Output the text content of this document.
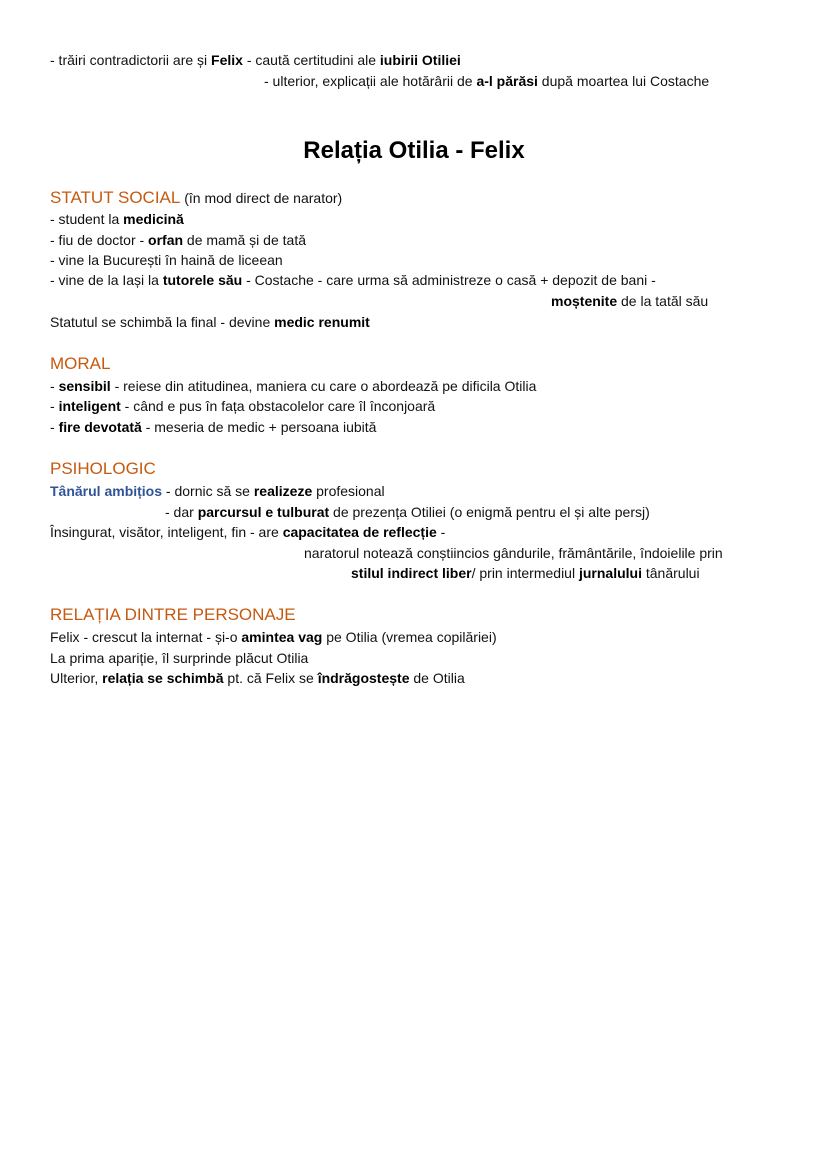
- trăiri contradictorii are și Felix - caută certitudini ale iubirii Otiliei
- ulterior, explicații ale hotărârii de a-l părăsi după moartea lui Costache
Relația Otilia - Felix
STATUT SOCIAL (în mod direct de narator)
- student la medicină
- fiu de doctor - orfan de mamă și de tată
- vine la București în haină de liceean
- vine de la Iași la tutorele său - Costache - care urma să administreze o casă + depozit de bani -
moștenite de la tatăl său
Statutul se schimbă la final - devine medic renumit
MORAL
- sensibil - reiese din atitudinea, maniera cu care o abordează pe dificila Otilia
- inteligent - când e pus în fața obstacolelor care îl înconjoară
- fire devotată - meseria de medic + persoana iubită
PSIHOLOGIC
Tânărul ambițios - dornic să se realizeze profesional
- dar parcursul e tulburat de prezența Otiliei (o enigmă pentru el și alte persj)
Însingurat, visător, inteligent, fin - are capacitatea de reflecție -
naratorul notează conștiincios gândurile, frământările, îndoielile prin
stilul indirect liber/ prin intermediul jurnalului tânărului
RELAȚIA DINTRE PERSONAJE
Felix - crescut la internat - și-o amintea vag pe Otilia (vremea copilăriei)
La prima apariție, îl surprinde plăcut Otilia
Ulterior, relația se schimbă pt. că Felix se îndrăgostește de Otilia
